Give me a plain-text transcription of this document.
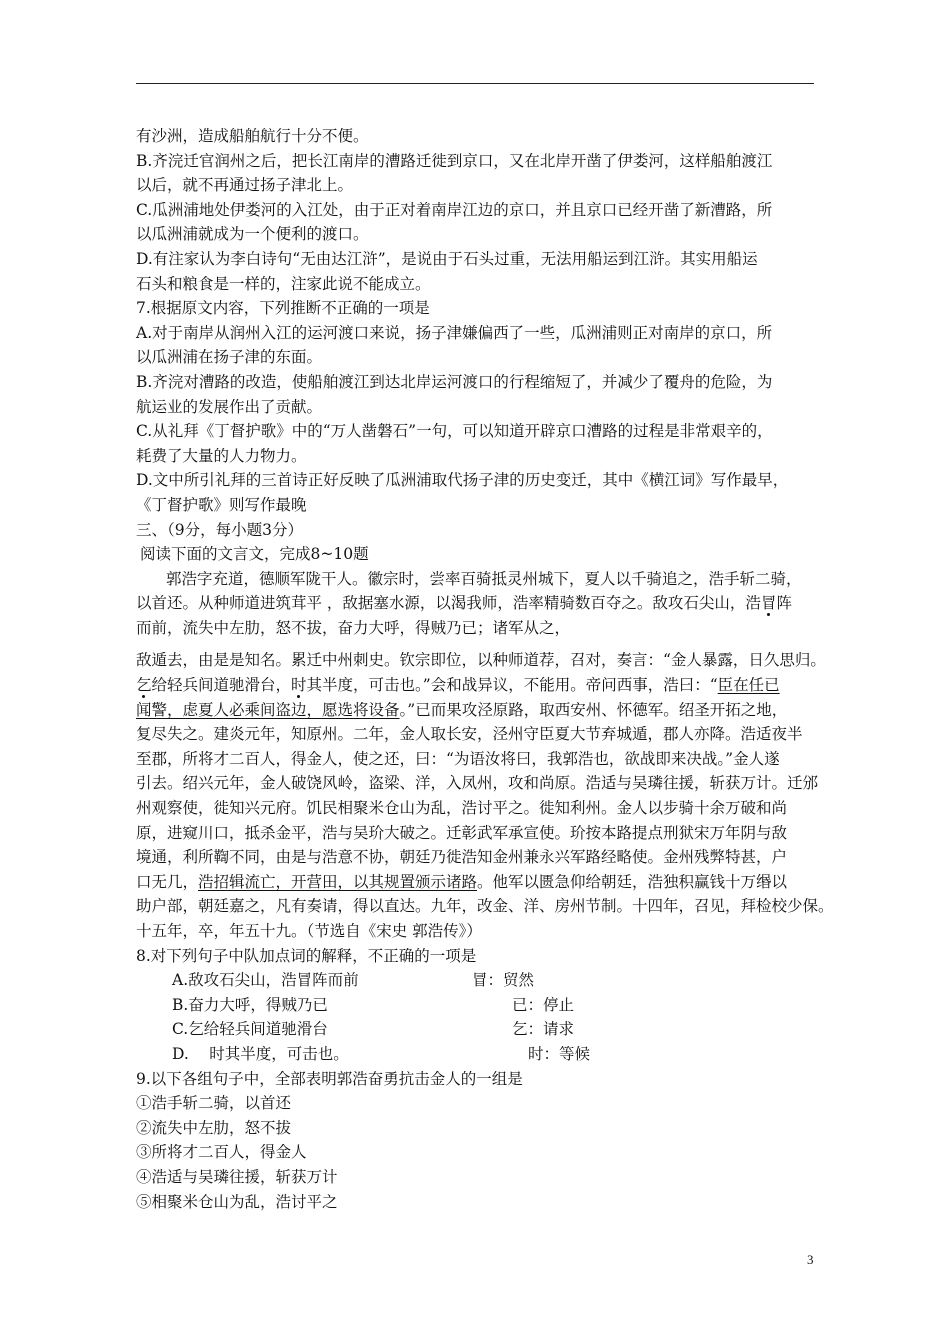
有沙洲，造成船舶航行十分不便。
B.齐浣迁官润州之后，把长江南岸的漕路迁徙到京口，又在北岸开凿了伊娄河，这样船舶渡江
以后，就不再通过扬子津北上。
C.瓜洲浦地处伊娄河的入江处，由于正对着南岸江边的京口，并且京口已经开凿了新漕路，所
以瓜洲浦就成为一个便利的渡口。
D.有注家认为李白诗句“无由达江浒”，是说由于石头过重，无法用船运到江浒。其实用船运
石头和粮食是一样的，注家此说不能成立。
7.根据原文内容，下列推断不正确的一项是
A.对于南岸从润州入江的运河渡口来说，扬子津嫌偏西了一些，瓜洲浦则正对南岸的京口，所
以瓜洲浦在扬子津的东面。
B.齐浣对漕路的改造，使船舶渡江到达北岸运河渡口的行程缩短了，并减少了覆舟的危险，为
航运业的发展作出了贡献。
C.从礼拜《丁督护歌》中的“万人凿磐石”一句，可以知道开辟京口漕路的过程是非常艰辛的，
耗费了大量的人力物力。
D.文中所引礼拜的三首诗正好反映了瓜洲浦取代扬子津的历史变迁，其中《横江词》写作最早，
《丁督护歌》则写作最晚
三、（9分，每小题3分）
阅读下面的文言文，完成8~10题
郭浩字充道，德顺军陇干人。徽宗时，尝率百骑抵灵州城下，夏人以千骑追之，浩手斩二骑，
以首还。从种师道进筑茸平 ，敌据塞水源，以渴我师，浩率精骑数百夺之。敌攻石尖山，浩冒阵
而前，流失中左肋，怒不拔，奋力大呼，得贼乃已；诸军从之，
敌遁去，由是是知名。累迁中州刺史。钦宗即位，以种师道荐，召对，奏言：“金人暴露，日久思归。
乞给轻兵间道驰滑台，时其半度，可击也。”会和战异议，不能用。帝问西事，浩曰：“臣在任已
闻警，虑夏人必乘间盗边，愿选将设备。”已而果攻泾原路，取西安州、怀德军。绍圣开拓之地，
复尽失之。建炎元年，知原州。二年，金人取长安，泾州守臣夏大节弃城遁，郡人亦降。浩适夜半
至郡，所将才二百人，得金人，使之还，曰：“为语汝将曰，我郭浩也，欲战即来决战。”金人遂
引去。绍兴元年，金人破饶风岭，盗梁、洋，入凤州，攻和尚原。浩适与吴璘往援，斩获万计。迁邠
州观察使，徙知兴元府。饥民相聚米仓山为乱，浩讨平之。徙知利州。金人以步骑十余万破和尚
原，进窥川口，抵杀金平，浩与吴玠大破之。迁彰武军承宣使。玠按本路提点刑狱宋万年阴与敌
境通，利所鞫不同，由是与浩意不协，朝廷乃徙浩知金州兼永兴军路经略使。金州残弊特甚，户
口无几，浩招辑流亡，开营田，以其规置颁示诸路。他军以匮急仰给朝廷，浩独积赢钱十万缗以
助户部，朝廷嘉之，凡有奏请，得以直达。九年，改金、洋、房州节制。十四年，召见，拜检校少保。
十五年，卒，年五十九。（节选自《宋史 郭浩传》）
8.对下列句子中队加点词的解释，不正确的一项是
A.敌攻石尖山，浩冒阵而前	冒：贸然
B.奋力大呼，得贼乃已	已：停止
C.乞给轻兵间道驰滑台	乞：请求
D.　 时其半度，可击也。	时：等候
9.以下各组句子中，全部表明郭浩奋勇抗击金人的一组是
①浩手斩二骑，以首还
②流失中左肋，怒不拔
③所将才二百人，得金人
④浩适与吴璘往援，斩获万计
⑤相聚米仓山为乱，浩讨平之
3
